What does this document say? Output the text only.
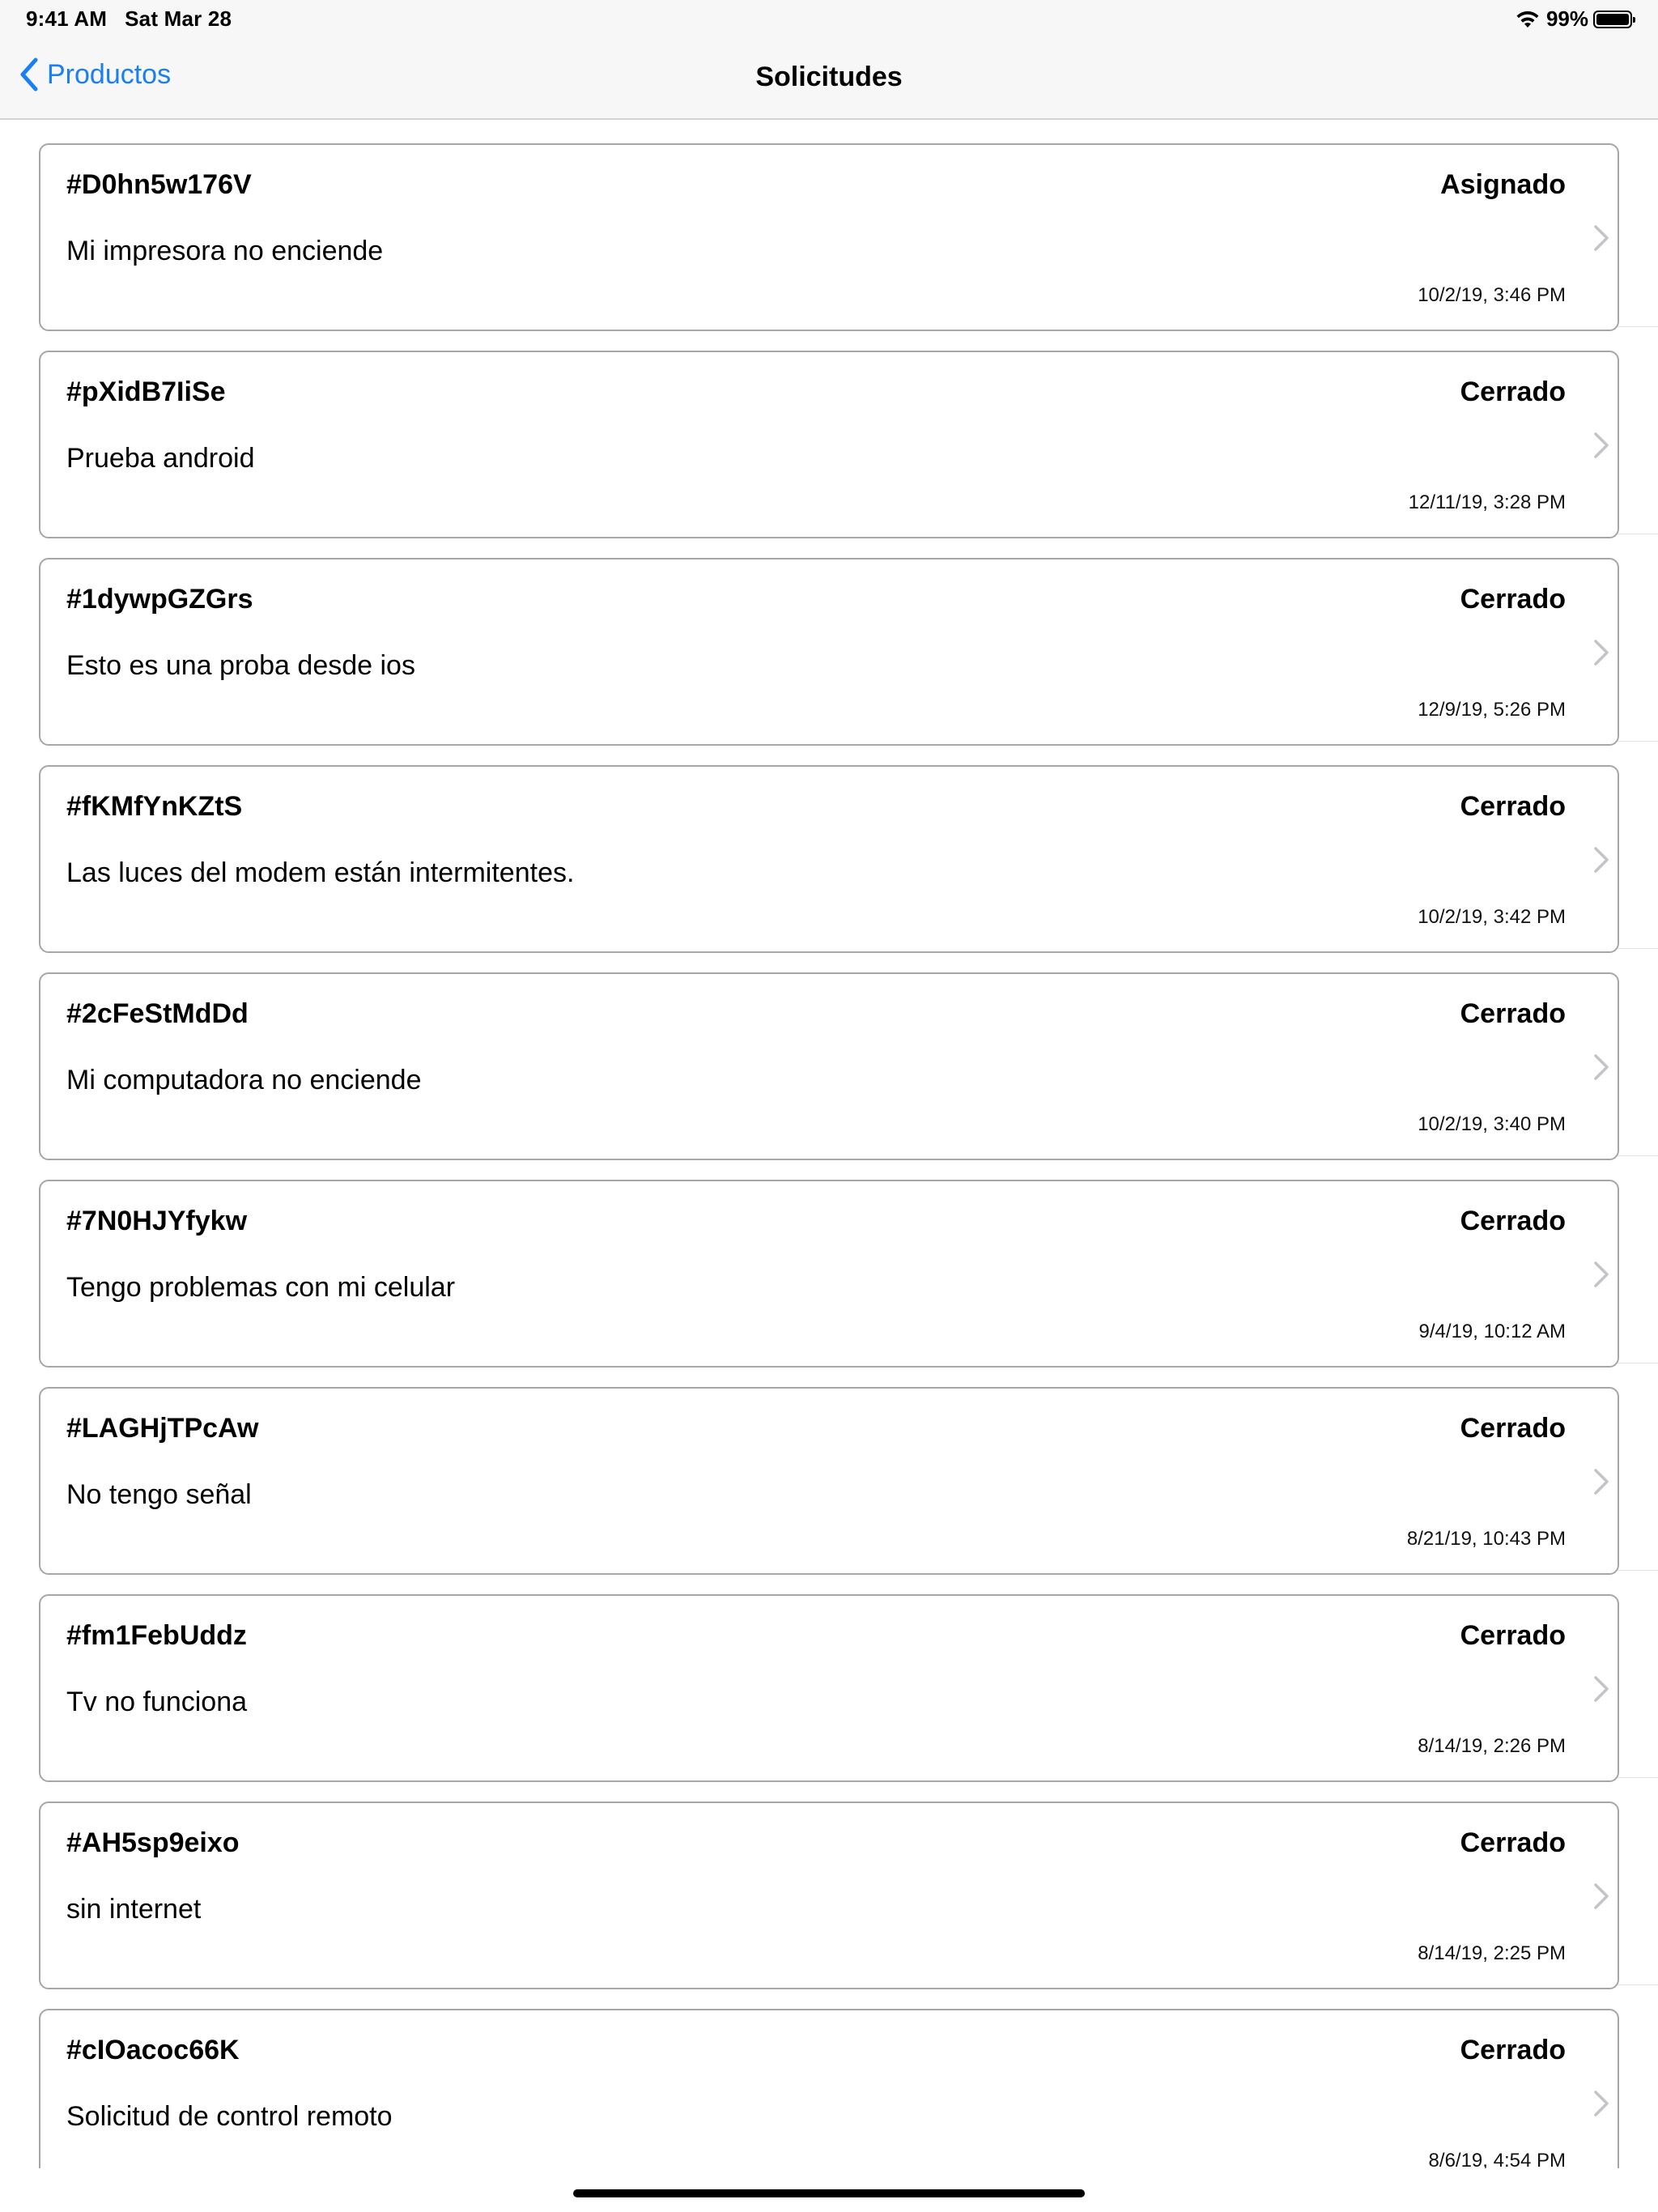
9:41 AM Sat Mar 28	99%
Productos	Solicitudes
#D0hn5w176V	Asignado
Mi impresora no enciende
10/2/19, 3:46 PM
#pXidB7IiSe	Cerrado
Prueba android
12/11/19, 3:28 PM
#1dywpGZGrs	Cerrado
Esto es una proba desde ios
12/9/19, 5:26 PM
#fKMfYnKZtS	Cerrado
Las luces del modem están intermitentes.
10/2/19, 3:42 PM
#2cFeStMdDd	Cerrado
Mi computadora no enciende
10/2/19, 3:40 PM
#7N0HJYfykw	Cerrado
Tengo problemas con mi celular
9/4/19, 10:12 AM
#LAGHjTPcAw	Cerrado
No tengo señal
8/21/19, 10:43 PM
#fm1FebUddz	Cerrado
Tv no funciona
8/14/19, 2:26 PM
#AH5sp9eixo	Cerrado
sin internet
8/14/19, 2:25 PM
#cIOacoc66K	Cerrado
Solicitud de control remoto
8/6/19, 4:54 PM
